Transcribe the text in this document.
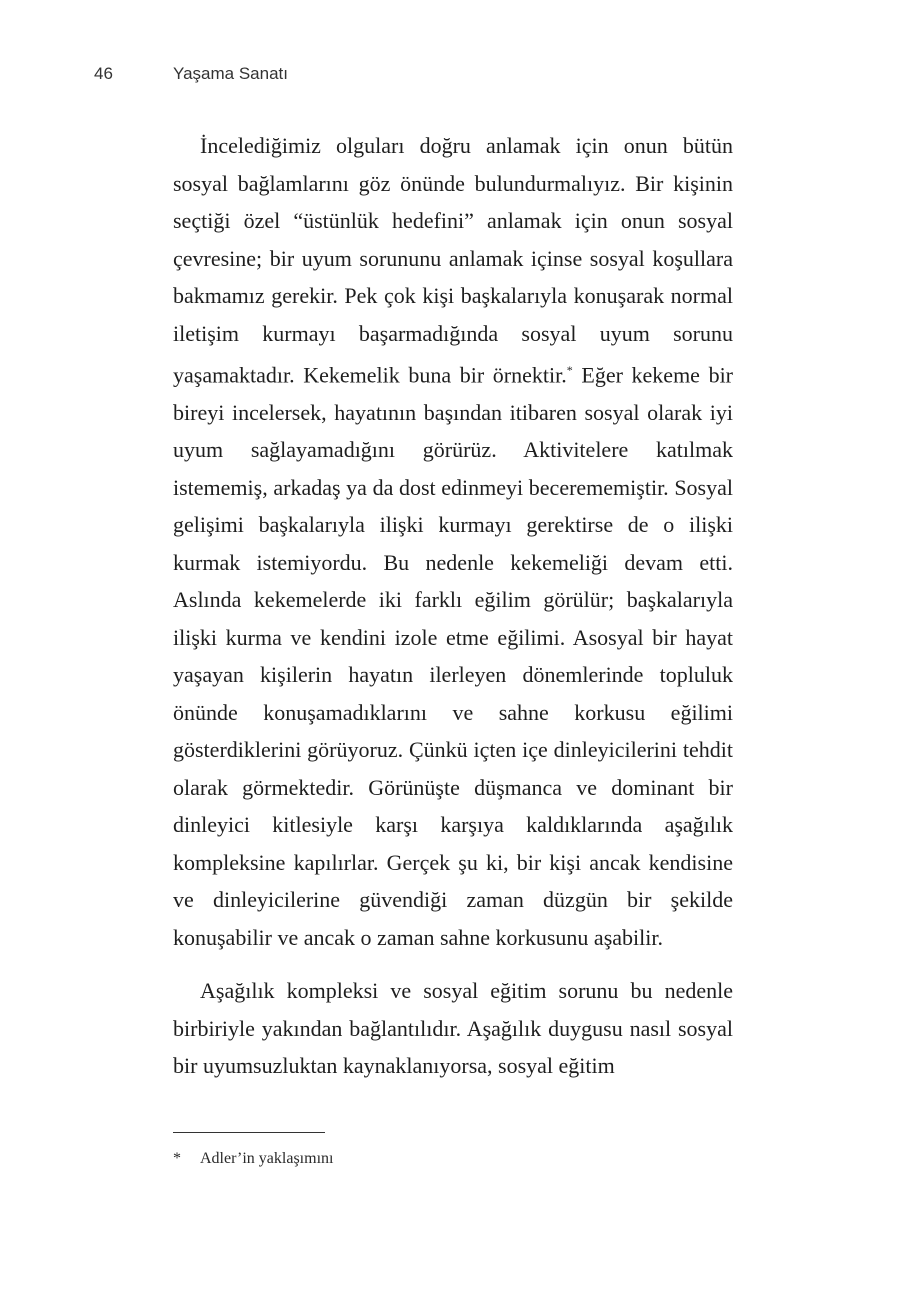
46	Yaşama Sanatı

İncelediğimiz olguları doğru anlamak için onun bütün sosyal bağlamlarını göz önünde bulundurmalıyız. Bir kişinin seçtiği özel “üstünlük hedefini” anlamak için onun sosyal çevresine; bir uyum sorununu anlamak içinse sosyal koşullara bakmamız gerekir. Pek çok kişi başkalarıyla konuşarak normal iletişim kurmayı başarmadığında sosyal uyum sorunu yaşamaktadır. Kekemelik buna bir örnektir.* Eğer kekeme bir bireyi incelersek, hayatının başından itibaren sosyal olarak iyi uyum sağlayamadığını görürüz. Aktivitelere katılmak istememiş, arkadaş ya da dost edinmeyi becerememiştir. Sosyal gelişimi başkalarıyla ilişki kurmayı gerektirse de o ilişki kurmak istemiyordu. Bu nedenle kekemeliği devam etti. Aslında kekemelerde iki farklı eğilim görülür; başkalarıyla ilişki kurma ve kendini izole etme eğilimi. Asosyal bir hayat yaşayan kişilerin hayatın ilerleyen dönemlerinde topluluk önünde konuşamadıklarını ve sahne korkusu eğilimi gösterdiklerini görüyoruz. Çünkü içten içe dinleyicilerini tehdit olarak görmektedir. Görünüşte düşmanca ve dominant bir dinleyici kitlesiyle karşı karşıya kaldıklarında aşağılık kompleksine kapılırlar. Gerçek şu ki, bir kişi ancak kendisine ve dinleyicilerine güvendiği zaman düzgün bir şekilde konuşabilir ve ancak o zaman sahne korkusunu aşabilir.

Aşağılık kompleksi ve sosyal eğitim sorunu bu nedenle birbiriyle yakından bağlantılıdır. Aşağılık duygusu nasıl sosyal bir uyumsuzluktan kaynaklanıyorsa, sosyal eğitim

* Adler’in yaklaşımını
